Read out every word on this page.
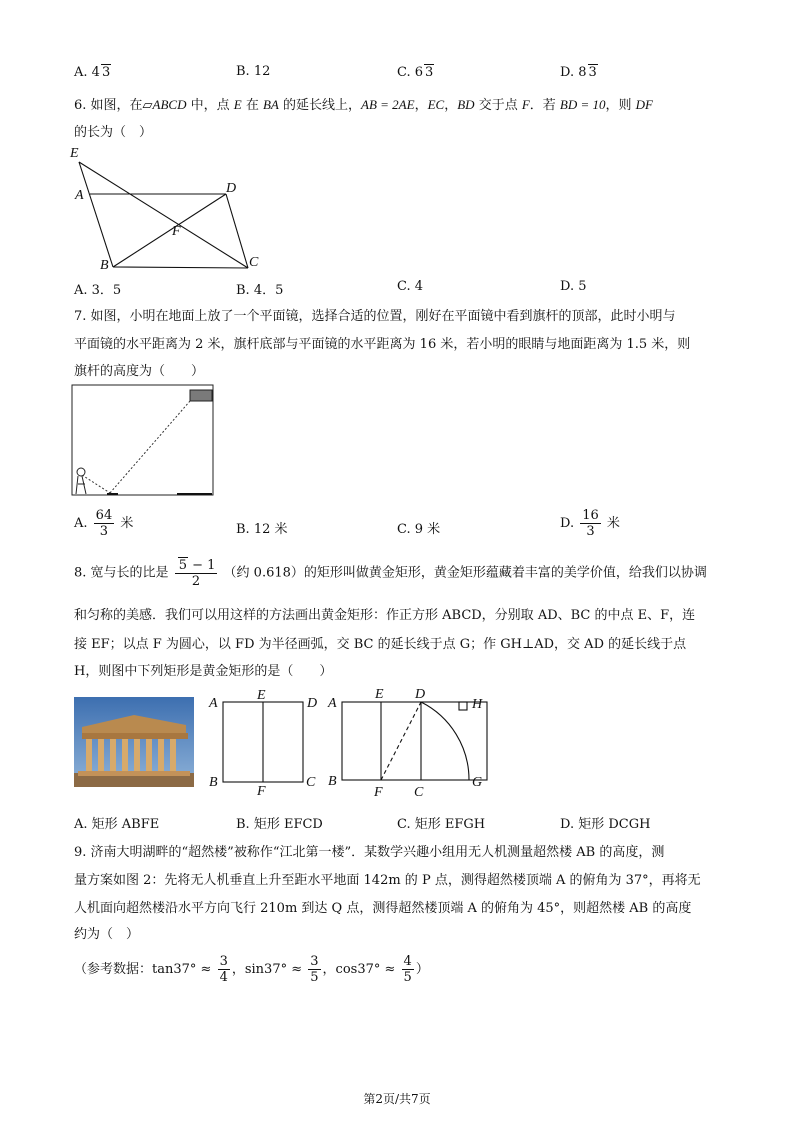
A. 4 3	B. 12	C. 6 3	D. 8 3
6. 如图，在▱ABCD 中，点 E 在 BA 的延长线上，AB = 2AE，EC，BD 交于点 F．若 BD = 10，则 DF
的长为（　）
E
A	D
F
B	C
A. 3．5	B. 4．5	C. 4	D. 5
7. 如图，小明在地面上放了一个平面镜，选择合适的位置，刚好在平面镜中看到旗杆的顶部，此时小明与
平面镜的水平距离为 2 米，旗杆底部与平面镜的水平距离为 16 米，若小明的眼睛与地面距离为 1.5 米，则
旗杆的高度为（　　）
A. $\frac{64}{3}$ 米	B. 12 米	C. 9 米	D. $\frac{16}{3}$ 米
8. 宽与长的比是 $\frac{5 - 1}{2}$ （约 0.618）的矩形叫做黄金矩形，黄金矩形蕴藏着丰富的美学价值，给我们以协调
和匀称的美感．我们可以用这样的方法画出黄金矩形：作正方形 ABCD，分别取 AD、BC 的中点 E、F，连
接 EF；以点 F 为圆心，以 FD 为半径画弧，交 BC 的延长线于点 G；作 GH⊥AD，交 AD 的延长线于点
H，则图中下列矩形是黄金矩形的是（　　）
A
E
D
B
F
C
A
E D
H
B
F C
G
A. 矩形 ABFE	B. 矩形 EFCD	C. 矩形 EFGH	D. 矩形 DCGH
9. 济南大明湖畔的“超然楼”被称作“江北第一楼”．某数学兴趣小组用无人机测量超然楼 AB 的高度，测
量方案如图 2：先将无人机垂直上升至距水平地面 142m 的 P 点，测得超然楼顶端 A 的俯角为 37°，再将无
人机面向超然楼沿水平方向飞行 210m 到达 Q 点，测得超然楼顶端 A 的俯角为 45°，则超然楼 AB 的高度
约为（　）
（参考数据：$\tan 37^\circ \approx \frac{3}{4}$ ，$\sin 37^\circ \approx \frac{3}{5}$ ，$\cos 37^\circ \approx \frac{4}{5}$ ）
第2页/共7页
